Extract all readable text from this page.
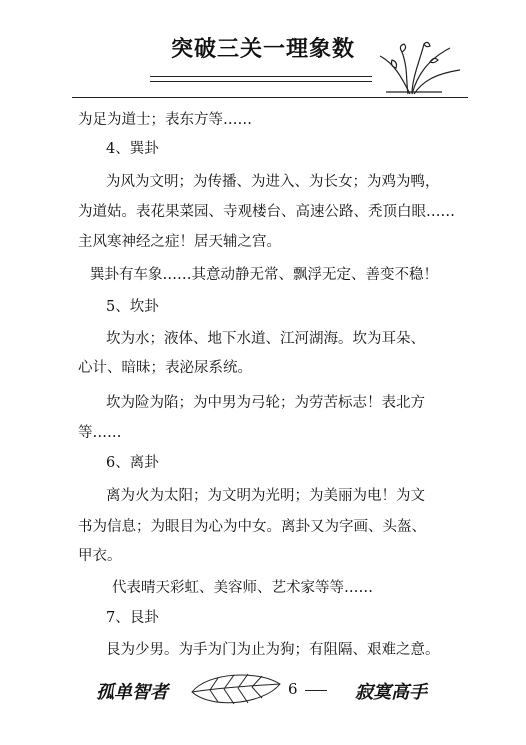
突破三关一理象数
为足为道士；表东方等……
4、巽卦
为风为文明；为传播、为进入、为长女；为鸡为鸭，
为道姑。表花果菜园、寺观楼台、高速公路、秃顶白眼……
主风寒神经之症！居天辅之宫。
巽卦有车象……其意动静无常、飘浮无定、善变不稳！
5、坎卦
坎为水；液体、地下水道、江河湖海。坎为耳朵、
心计、暗昧；表泌尿系统。
坎为险为陷；为中男为弓轮；为劳苦标志！表北方
等……
6、离卦
离为火为太阳；为文明为光明；为美丽为电！为文
书为信息；为眼目为心为中女。离卦又为字画、头盔、
甲衣。
代表晴天彩虹、美容师、艺术家等等……
7、艮卦
艮为少男。为手为门为止为狗；有阻隔、艰难之意。
孤单智者	6	寂寞高手
